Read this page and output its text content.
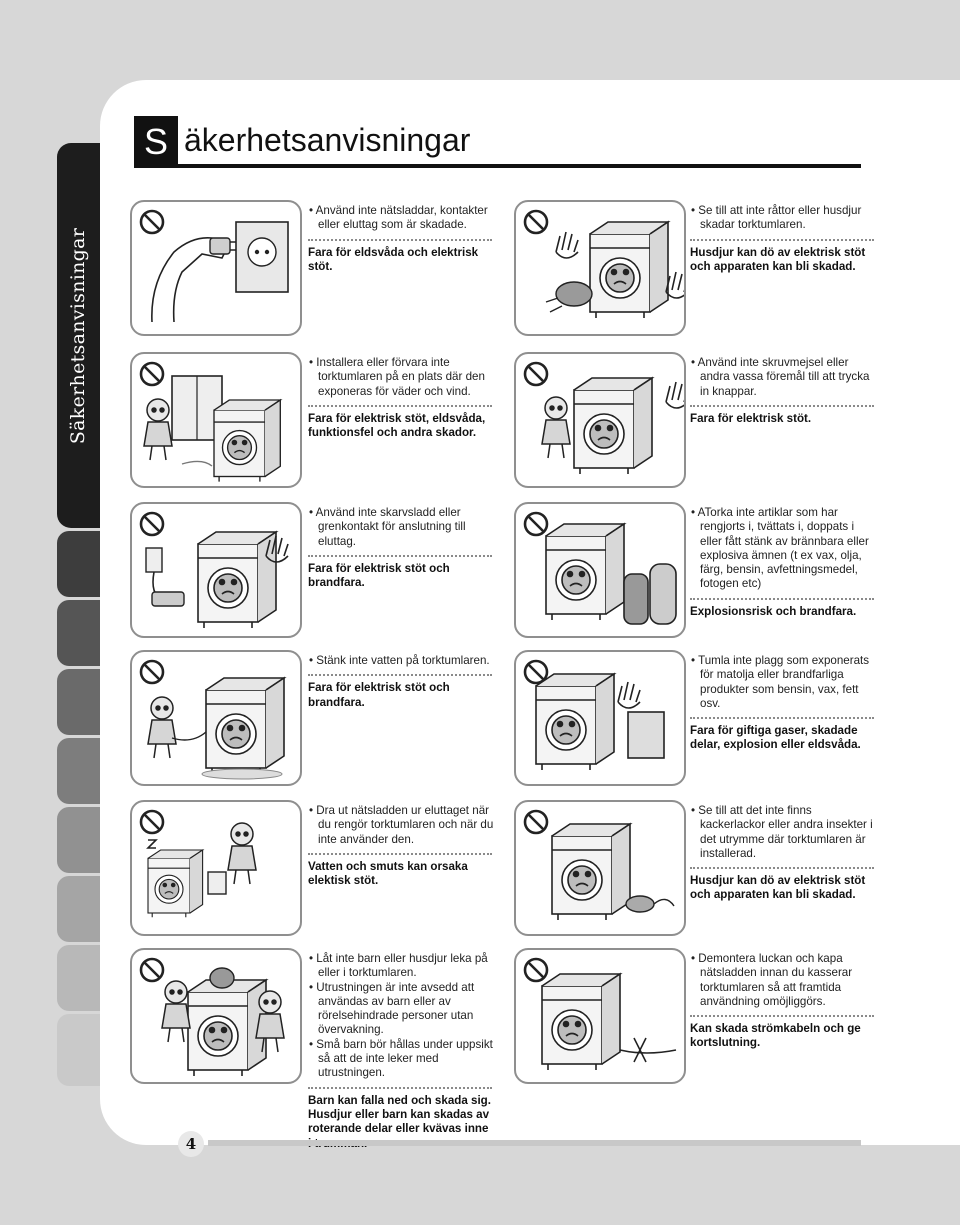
Säkerhetsanvisningar
S äkerhetsanvisningar
• Använd inte nätsladdar, kontakter eller eluttag som är skadade.
Fara för eldsvåda och elektrisk stöt.
• Se till att inte råttor eller husdjur skadar torktumlaren.
Husdjur kan dö av elektrisk stöt och apparaten kan bli skadad.
• Installera eller förvara inte torktumlaren på en plats där den exponeras för väder och vind.
Fara för elektrisk stöt, eldsvåda, funktionsfel och andra skador.
• Använd inte skruvmejsel eller andra vassa föremål till att trycka in knappar.
Fara för elektrisk stöt.
• Använd inte skarvsladd eller grenkontakt för anslutning till eluttag.
Fara för elektrisk stöt och brandfara.
• ATorka inte artiklar som har rengjorts i, tvättats i, doppats i eller fått stänk av brännbara eller explosiva ämnen (t ex vax, olja, färg, bensin, avfettningsmedel, fotogen etc)
Explosionsrisk och brandfara.
• Stänk inte vatten på torktumlaren.
Fara för elektrisk stöt och brandfara.
• Tumla inte plagg som exponerats för matolja eller brandfarliga produkter som bensin, vax, fett osv.
Fara för giftiga gaser, skadade delar, explosion eller eldsvåda.
• Dra ut nätsladden ur eluttaget när du rengör torktumlaren och när du inte använder den.
Vatten och smuts kan orsaka elektisk stöt.
• Se till att det inte finns kackerlackor eller andra insekter i det utrymme där torktumlaren är installerad.
Husdjur kan dö av elektrisk stöt och apparaten kan bli skadad.
• Låt inte barn eller husdjur leka på eller i torktumlaren.
• Utrustningen är inte avsedd att användas av barn eller av rörelsehindrade personer utan övervakning.
• Små barn bör hållas under uppsikt så att de inte leker med utrustningen.
Barn kan falla ned och skada sig. Husdjur eller barn kan skadas av roterande delar eller kvävas inne
• Demontera luckan och kapa nätsladden innan du kasserar torktumlaren så att framtida användning omöjliggörs.
Kan skada strömkabeln och ge kortslutning.
4
